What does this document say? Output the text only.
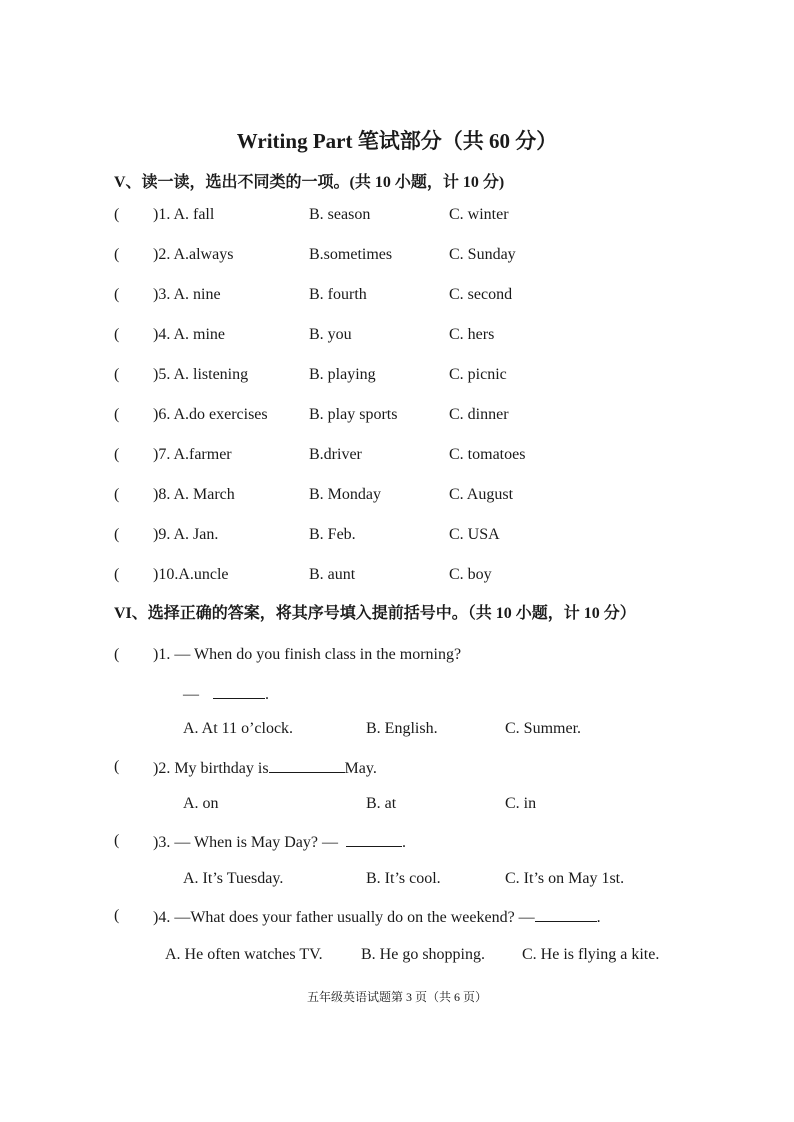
Writing Part 笔试部分（共 60 分）
V、读一读，选出不同类的一项。(共 10 小题，计 10 分)
( )1. A. fall	B. season	C. winter
( )2. A.always	B.sometimes	C. Sunday
( )3. A. nine	B. fourth	C. second
( )4. A. mine	B. you	C. hers
( )5. A. listening	B. playing	C. picnic
( )6. A.do exercises	B. play sports	C. dinner
( )7. A.farmer	B.driver	C. tomatoes
( )8. A. March	B. Monday	C. August
( )9. A. Jan.	B. Feb.	C. USA
( )10.A.uncle	B. aunt	C. boy
VI、选择正确的答案，将其序号填入提前括号中。（共 10 小题，计 10 分）
( )1. — When do you finish class in the morning?
—	.
A. At 11 o’clock.	B. English.	C. Summer.
( )2. My birthday is	May.
A. on	B. at	C. in
( )3. — When is May Day? —	.
A. It’s Tuesday.	B. It’s cool.	C. It’s on May 1st.
( )4. —What does your father usually do on the weekend? —	.
A. He often watches TV. B. He go shopping. C. He is flying a kite.
五年级英语试题第 3 页（共 6 页）
